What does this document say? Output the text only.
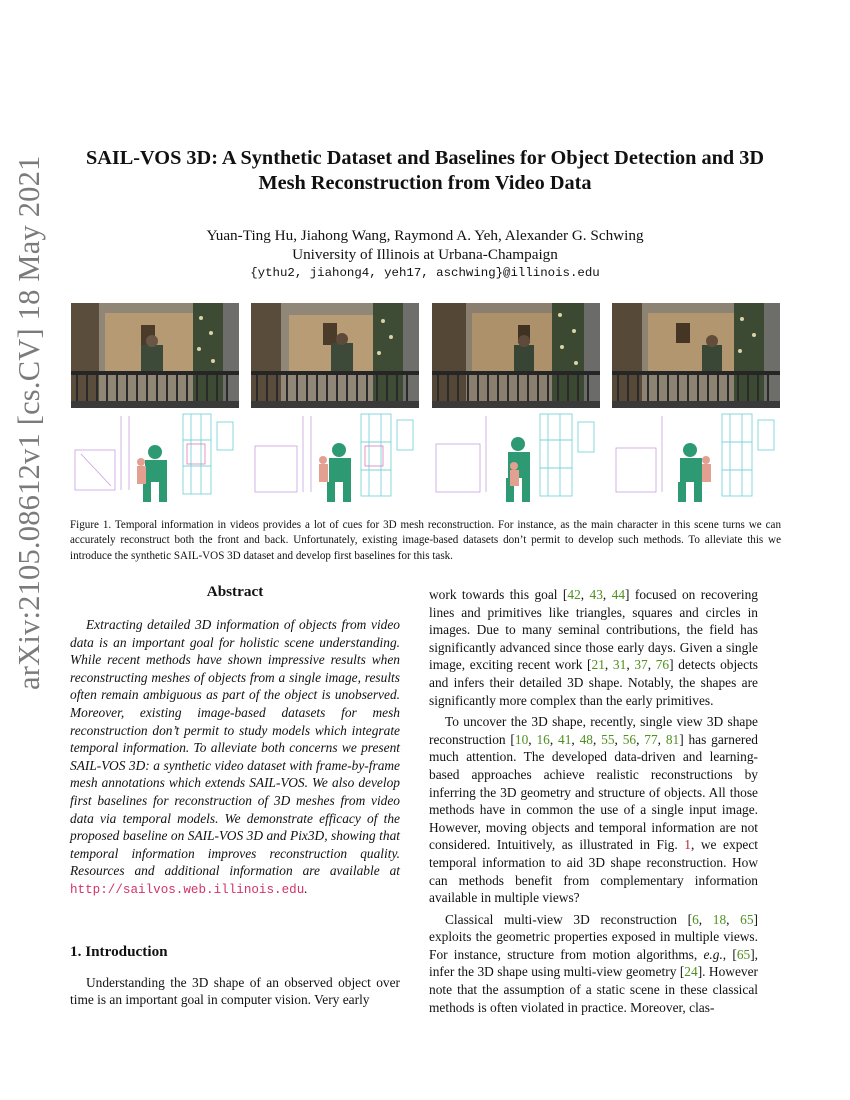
arXiv:2105.08612v1 [cs.CV] 18 May 2021	SAIL-VOS 3D: A Synthetic Dataset and Baselines for Object Detection and 3D
Mesh Reconstruction from Video Data
Yuan-Ting Hu, Jiahong Wang, Raymond A. Yeh, Alexander G. Schwing
University of Illinois at Urbana-Champaign
{ythu2, jiahong4, yeh17, aschwing}@illinois.edu
Figure 1. Temporal information in videos provides a lot of cues for 3D mesh reconstruction. For instance, as the main character in this scene turns we can accurately reconstruct both the front and back. Unfortunately, existing image-based datasets don’t permit to develop such methods. To alleviate this we introduce the synthetic SAIL-VOS 3D dataset and develop first baselines for this task.
Abstract

Extracting detailed 3D information of objects from video data is an important goal for holistic scene understanding. While recent methods have shown impressive results when reconstructing meshes of objects from a single image, results often remain ambiguous as part of the object is unobserved. Moreover, existing image-based datasets for mesh reconstruction don’t permit to study models which integrate temporal information. To alleviate both concerns we present SAIL-VOS 3D: a synthetic video dataset with frame-by-frame mesh annotations which extends SAIL-VOS. We also develop first baselines for reconstruction of 3D meshes from video data via temporal models. We demonstrate efficacy of the proposed baseline on SAIL-VOS 3D and Pix3D, showing that temporal information improves reconstruction quality. Resources and additional information are available at http://sailvos.web.illinois.edu.

1. Introduction

Understanding the 3D shape of an observed object over time is an important goal in computer vision. Very early

work towards this goal [42, 43, 44] focused on recovering lines and primitives like triangles, squares and circles in images. Due to many seminal contributions, the field has significantly advanced since those early days. Given a single image, exciting recent work [21, 31, 37, 76] detects objects and infers their detailed 3D shape. Notably, the shapes are significantly more complex than the early primitives.

To uncover the 3D shape, recently, single view 3D shape reconstruction [10, 16, 41, 48, 55, 56, 77, 81] has garnered much attention. The developed data-driven and learning-based approaches achieve realistic reconstructions by inferring the 3D geometry and structure of objects. All those methods have in common the use of a single input image. However, moving objects and temporal information are not considered. Intuitively, as illustrated in Fig. 1, we expect temporal information to aid 3D shape reconstruction. How can methods benefit from complementary information available in multiple views?

Classical multi-view 3D reconstruction [6, 18, 65] exploits the geometric properties exposed in multiple views. For instance, structure from motion algorithms, e.g., [65], infer the 3D shape using multi-view geometry [24]. However note that the assumption of a static scene in these classical methods is often violated in practice. Moreover, clas-
